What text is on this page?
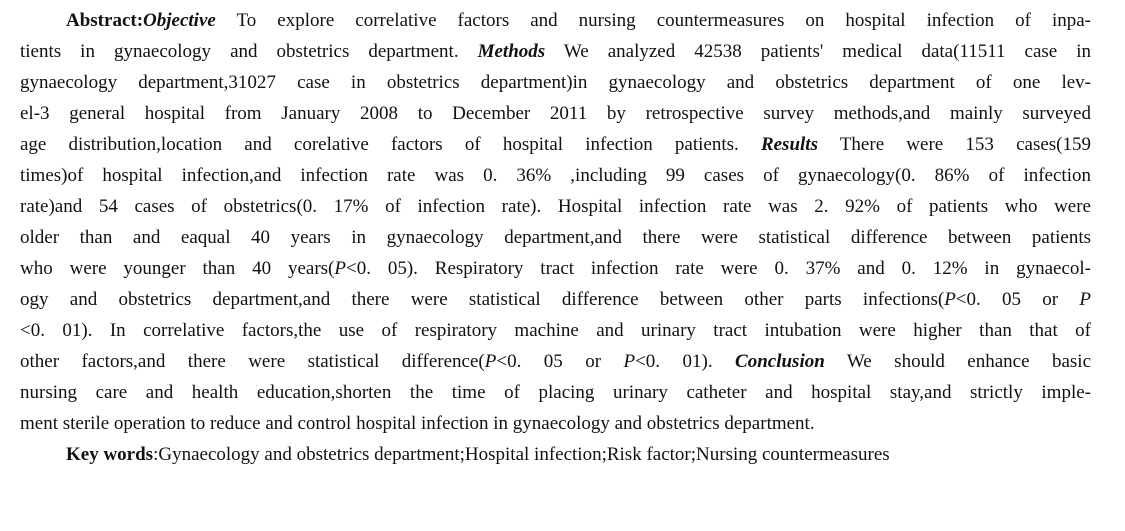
Abstract:Objective To explore correlative factors and nursing countermeasures on hospital infection of inpa-
tients in gynaecology and obstetrics department. Methods We analyzed 42538 patients' medical data(11511 case in
gynaecology department,31027 case in obstetrics department)in gynaecology and obstetrics department of one lev-
el-3 general hospital from January 2008 to December 2011 by retrospective survey methods,and mainly surveyed
age distribution,location and corelative factors of hospital infection patients. Results There were 153 cases(159
times)of hospital infection,and infection rate was 0. 36% ,including 99 cases of gynaecology(0. 86% of infection
rate)and 54 cases of obstetrics(0. 17% of infection rate). Hospital infection rate was 2. 92% of patients who were
older than and eaqual 40 years in gynaecology department,and there were statistical difference between patients
who were younger than 40 years(P<0. 05). Respiratory tract infection rate were 0. 37% and 0. 12% in gynaecol-
ogy and obstetrics department,and there were statistical difference between other parts infections(P<0. 05 or P
<0. 01). In correlative factors,the use of respiratory machine and urinary tract intubation were higher than that of
other factors,and there were statistical difference(P<0. 05 or P<0. 01). Conclusion We should enhance basic
nursing care and health education,shorten the time of placing urinary catheter and hospital stay,and strictly imple-
ment sterile operation to reduce and control hospital infection in gynaecology and obstetrics department.
Key words:Gynaecology and obstetrics department;Hospital infection;Risk factor;Nursing countermeasures
